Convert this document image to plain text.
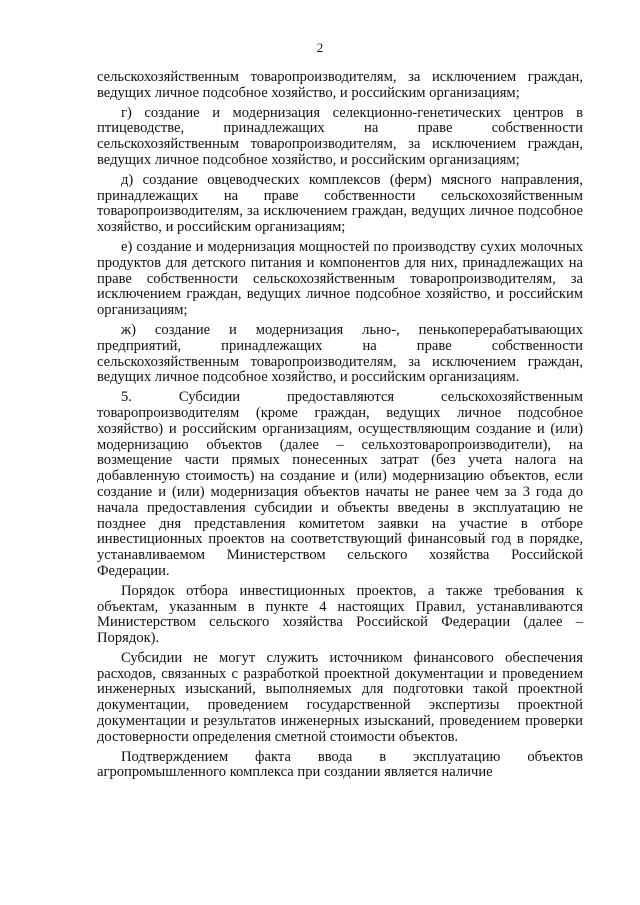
2

сельскохозяйственным товаропроизводителям, за исключением граждан, ведущих личное подсобное хозяйство, и российским организациям;

г) создание и модернизация селекционно-генетических центров в птицеводстве, принадлежащих на праве собственности сельскохозяйственным товаропроизводителям, за исключением граждан, ведущих личное подсобное хозяйство, и российским организациям;

д) создание овцеводческих комплексов (ферм) мясного направления, принадлежащих на праве собственности сельскохозяйственным товаропроизводителям, за исключением граждан, ведущих личное подсобное хозяйство, и российским организациям;

е) создание и модернизация мощностей по производству сухих молочных продуктов для детского питания и компонентов для них, принадлежащих на праве собственности сельскохозяйственным товаропроизводителям, за исключением граждан, ведущих личное подсобное хозяйство, и российским организациям;

ж) создание и модернизация льно-, пенькоперерабатывающих предприятий, принадлежащих на праве собственности сельскохозяйственным товаропроизводителям, за исключением граждан, ведущих личное подсобное хозяйство, и российским организациям.

5. Субсидии предоставляются сельскохозяйственным товаропроизводителям (кроме граждан, ведущих личное подсобное хозяйство) и российским организациям, осуществляющим создание и (или) модернизацию объектов (далее – сельхозтоваропроизводители), на возмещение части прямых понесенных затрат (без учета налога на добавленную стоимость) на создание и (или) модернизацию объектов, если создание и (или) модернизация объектов начаты не ранее чем за 3 года до начала предоставления субсидии и объекты введены в эксплуатацию не позднее дня представления комитетом заявки на участие в отборе инвестиционных проектов на соответствующий финансовый год в порядке, устанавливаемом Министерством сельского хозяйства Российской Федерации.

Порядок отбора инвестиционных проектов, а также требования к объектам, указанным в пункте 4 настоящих Правил, устанавливаются Министерством сельского хозяйства Российской Федерации (далее – Порядок).

Субсидии не могут служить источником финансового обеспечения расходов, связанных с разработкой проектной документации и проведением инженерных изысканий, выполняемых для подготовки такой проектной документации, проведением государственной экспертизы проектной документации и результатов инженерных изысканий, проведением проверки достоверности определения сметной стоимости объектов.

Подтверждением факта ввода в эксплуатацию объектов агропромышленного комплекса при создании является наличие
